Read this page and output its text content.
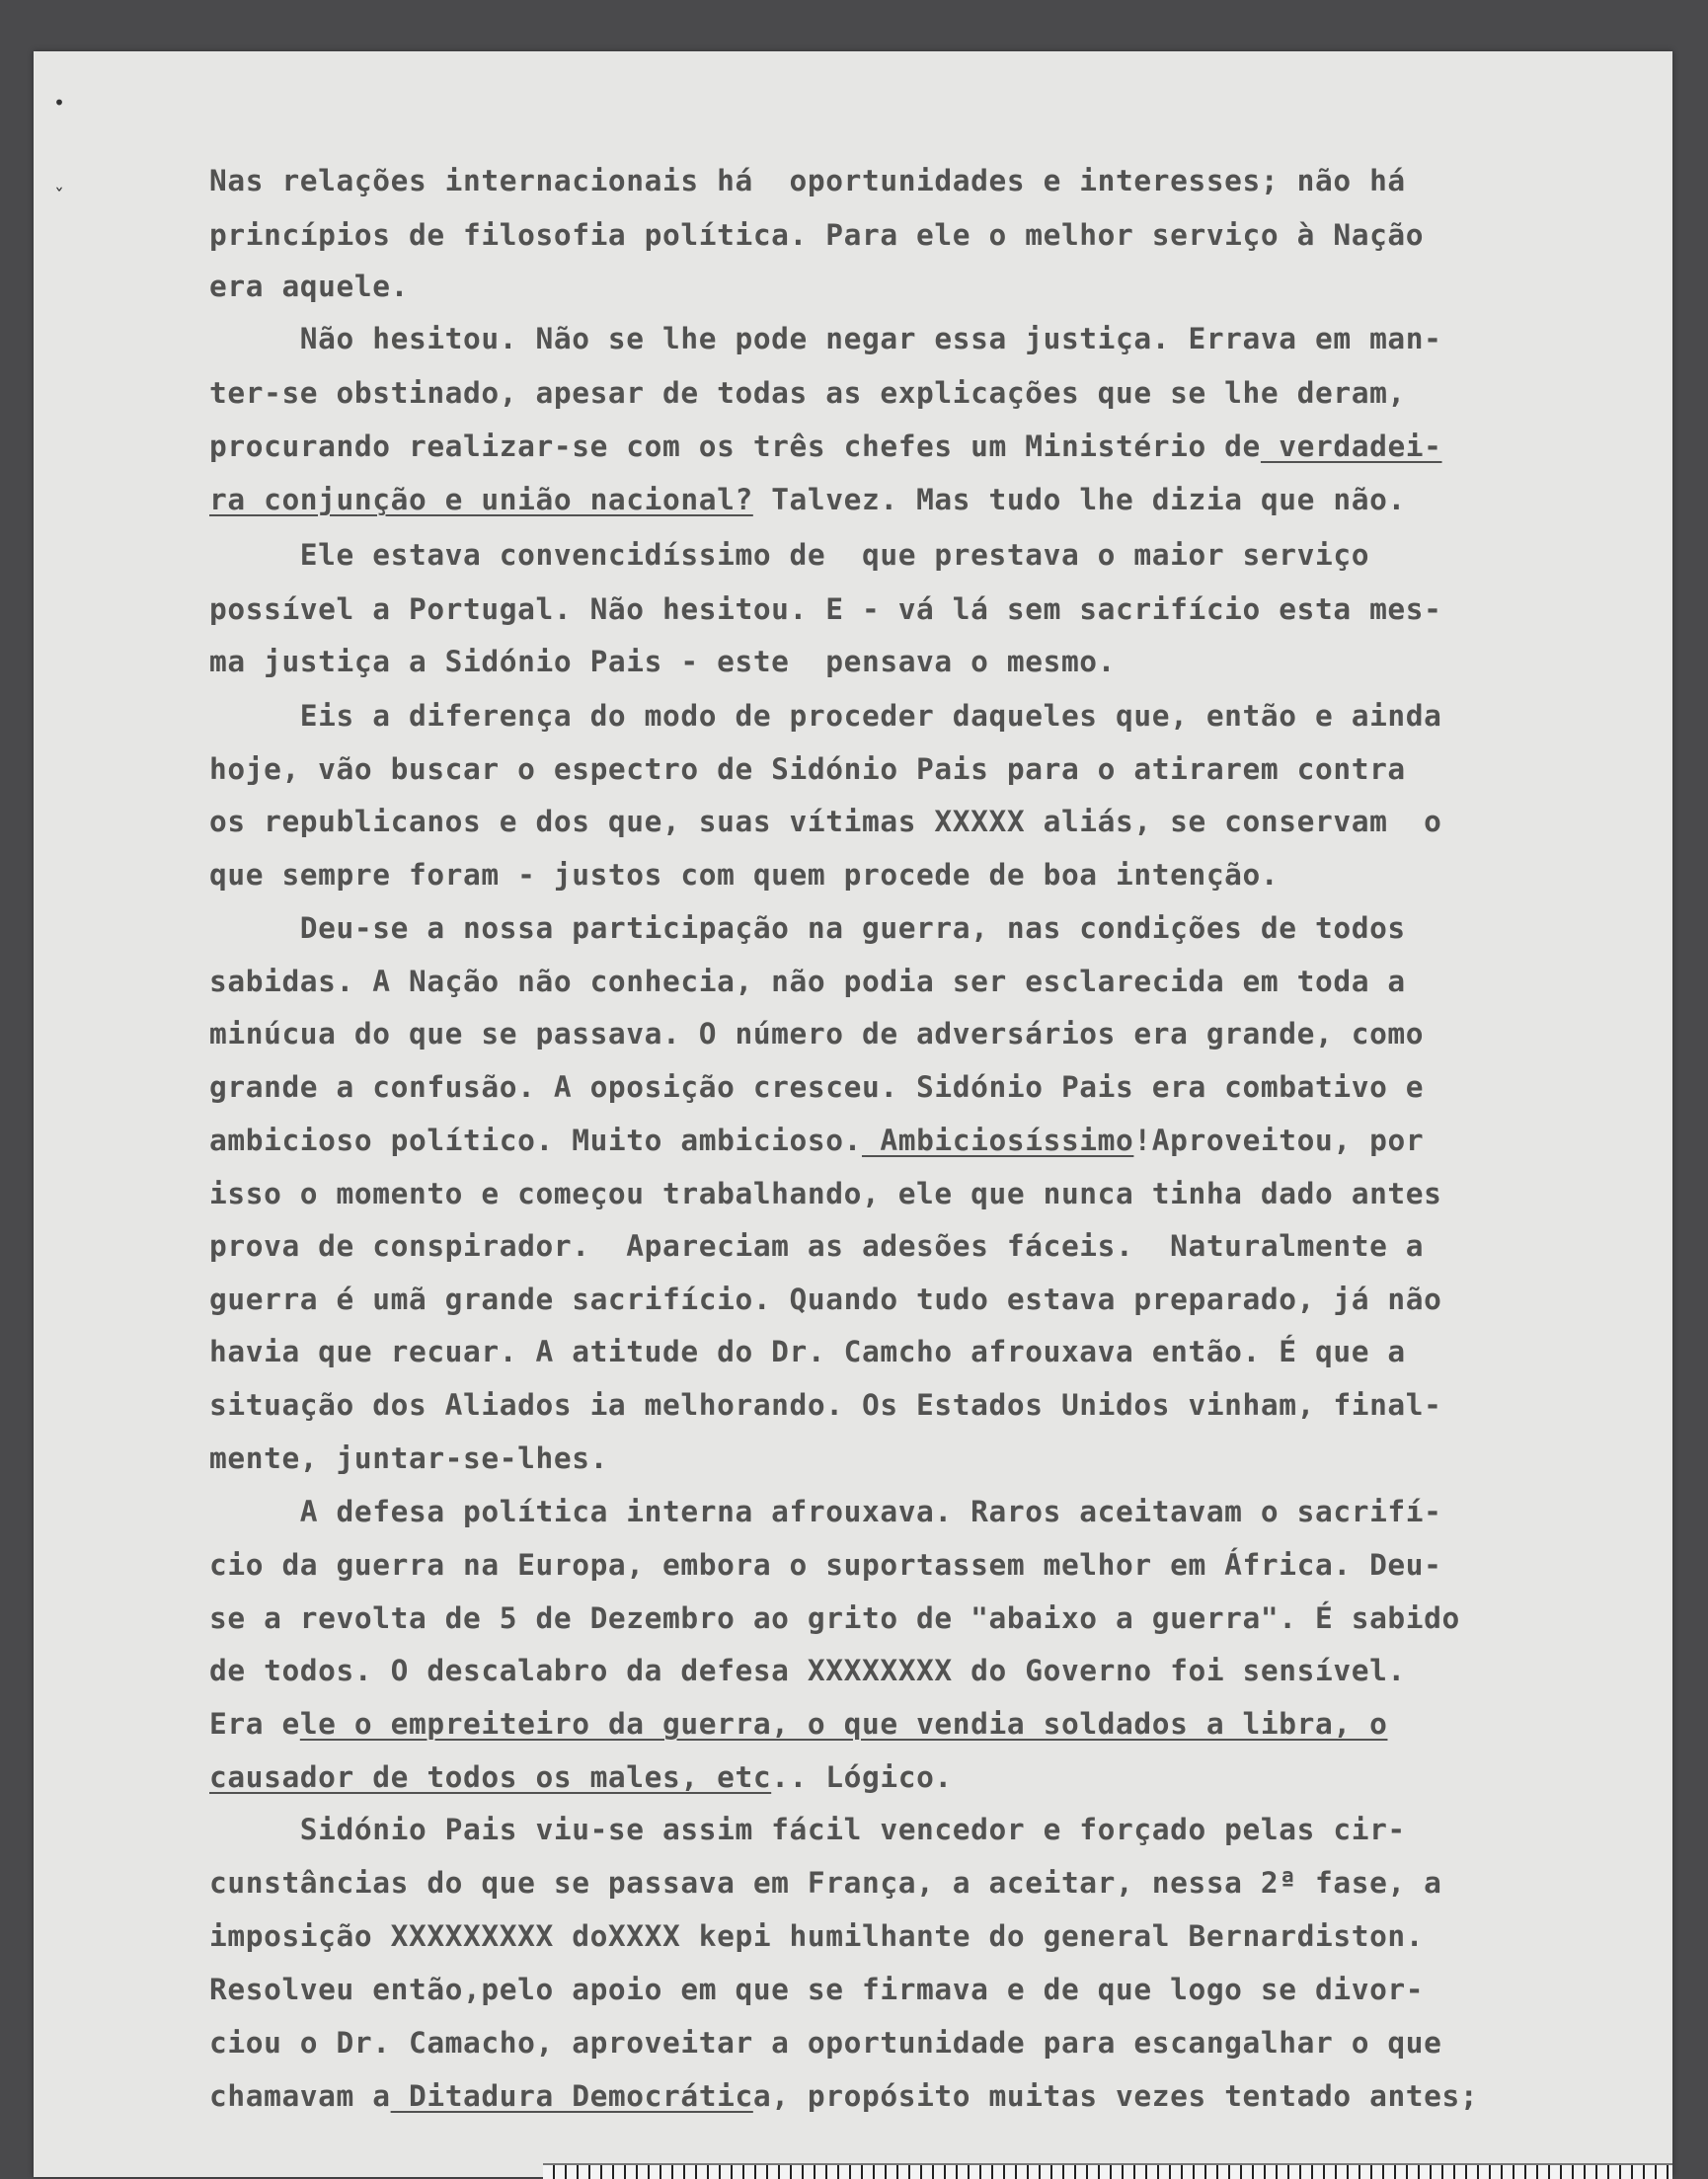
•
ˇ	Nas relações internacionais há  oportunidades e interesses; não há
princípios de filosofia política. Para ele o melhor serviço à Nação
era aquele.
Não hesitou. Não se lhe pode negar essa justiça. Errava em man-
ter-se obstinado, apesar de todas as explicações que se lhe deram,
procurando realizar-se com os três chefes um Ministério de verdadei-
ra conjunção e união nacional? Talvez. Mas tudo lhe dizia que não.
Ele estava convencidíssimo de  que prestava o maior serviço
possível a Portugal. Não hesitou. E - vá lá sem sacrifício esta mes-
ma justiça a Sidónio Pais - este  pensava o mesmo.
Eis a diferença do modo de proceder daqueles que, então e ainda
hoje, vão buscar o espectro de Sidónio Pais para o atirarem contra
os republicanos e dos que, suas vítimas XXXXX aliás, se conservam  o
que sempre foram - justos com quem procede de boa intenção.
Deu-se a nossa participação na guerra, nas condições de todos
sabidas. A Nação não conhecia, não podia ser esclarecida em toda a
minúcua do que se passava. O número de adversários era grande, como
grande a confusão. A oposição cresceu. Sidónio Pais era combativo e
ambicioso político. Muito ambicioso. Ambiciosíssimo!Aproveitou, por
isso o momento e começou trabalhando, ele que nunca tinha dado antes
prova de conspirador.  Apareciam as adesões fáceis.  Naturalmente a
guerra é umã grande sacrifício. Quando tudo estava preparado, já não
havia que recuar. A atitude do Dr. Camcho afrouxava então. É que a
situação dos Aliados ia melhorando. Os Estados Unidos vinham, final-
mente, juntar-se-lhes.
A defesa política interna afrouxava. Raros aceitavam o sacrifí-
cio da guerra na Europa, embora o suportassem melhor em África. Deu-
se a revolta de 5 de Dezembro ao grito de "abaixo a guerra". É sabido
de todos. O descalabro da defesa XXXXXXXX do Governo foi sensível.
Era ele o empreiteiro da guerra, o que vendia soldados a libra, o
causador de todos os males, etc.. Lógico.
Sidónio Pais viu-se assim fácil vencedor e forçado pelas cir-
cunstâncias do que se passava em França, a aceitar, nessa 2ª fase, a
imposição XXXXXXXXX doXXXX kepi humilhante do general Bernardiston.
Resolveu então,pelo apoio em que se firmava e de que logo se divor-
ciou o Dr. Camacho, aproveitar a oportunidade para escangalhar o que
chamavam a Ditadura Democrática, propósito muitas vezes tentado antes;
